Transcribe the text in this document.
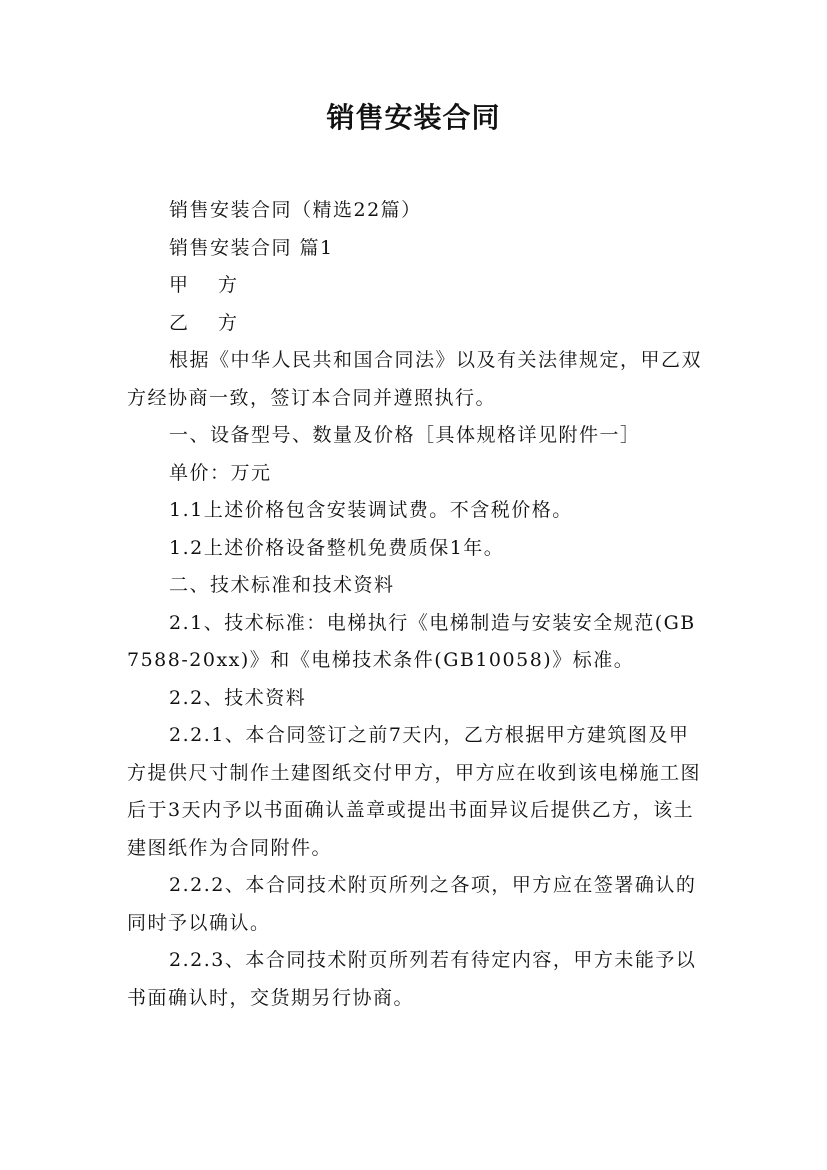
销售安装合同

销售安装合同（精选22篇）

销售安装合同 篇1

甲 方

乙 方

根据《中华人民共和国合同法》以及有关法律规定，甲乙双方经协商一致，签订本合同并遵照执行。

一、设备型号、数量及价格［具体规格详见附件一］

单价：万元

1.1上述价格包含安装调试费。不含税价格。

1.2上述价格设备整机免费质保1年。

二、技术标准和技术资料

2.1、技术标准：电梯执行《电梯制造与安装安全规范(GB7588-20xx)》和《电梯技术条件(GB10058)》标准。

2.2、技术资料

2.2.1、本合同签订之前7天内，乙方根据甲方建筑图及甲方提供尺寸制作土建图纸交付甲方，甲方应在收到该电梯施工图后于3天内予以书面确认盖章或提出书面异议后提供乙方，该土建图纸作为合同附件。

2.2.2、本合同技术附页所列之各项，甲方应在签署确认的同时予以确认。

2.2.3、本合同技术附页所列若有待定内容，甲方未能予以书面确认时，交货期另行协商。
